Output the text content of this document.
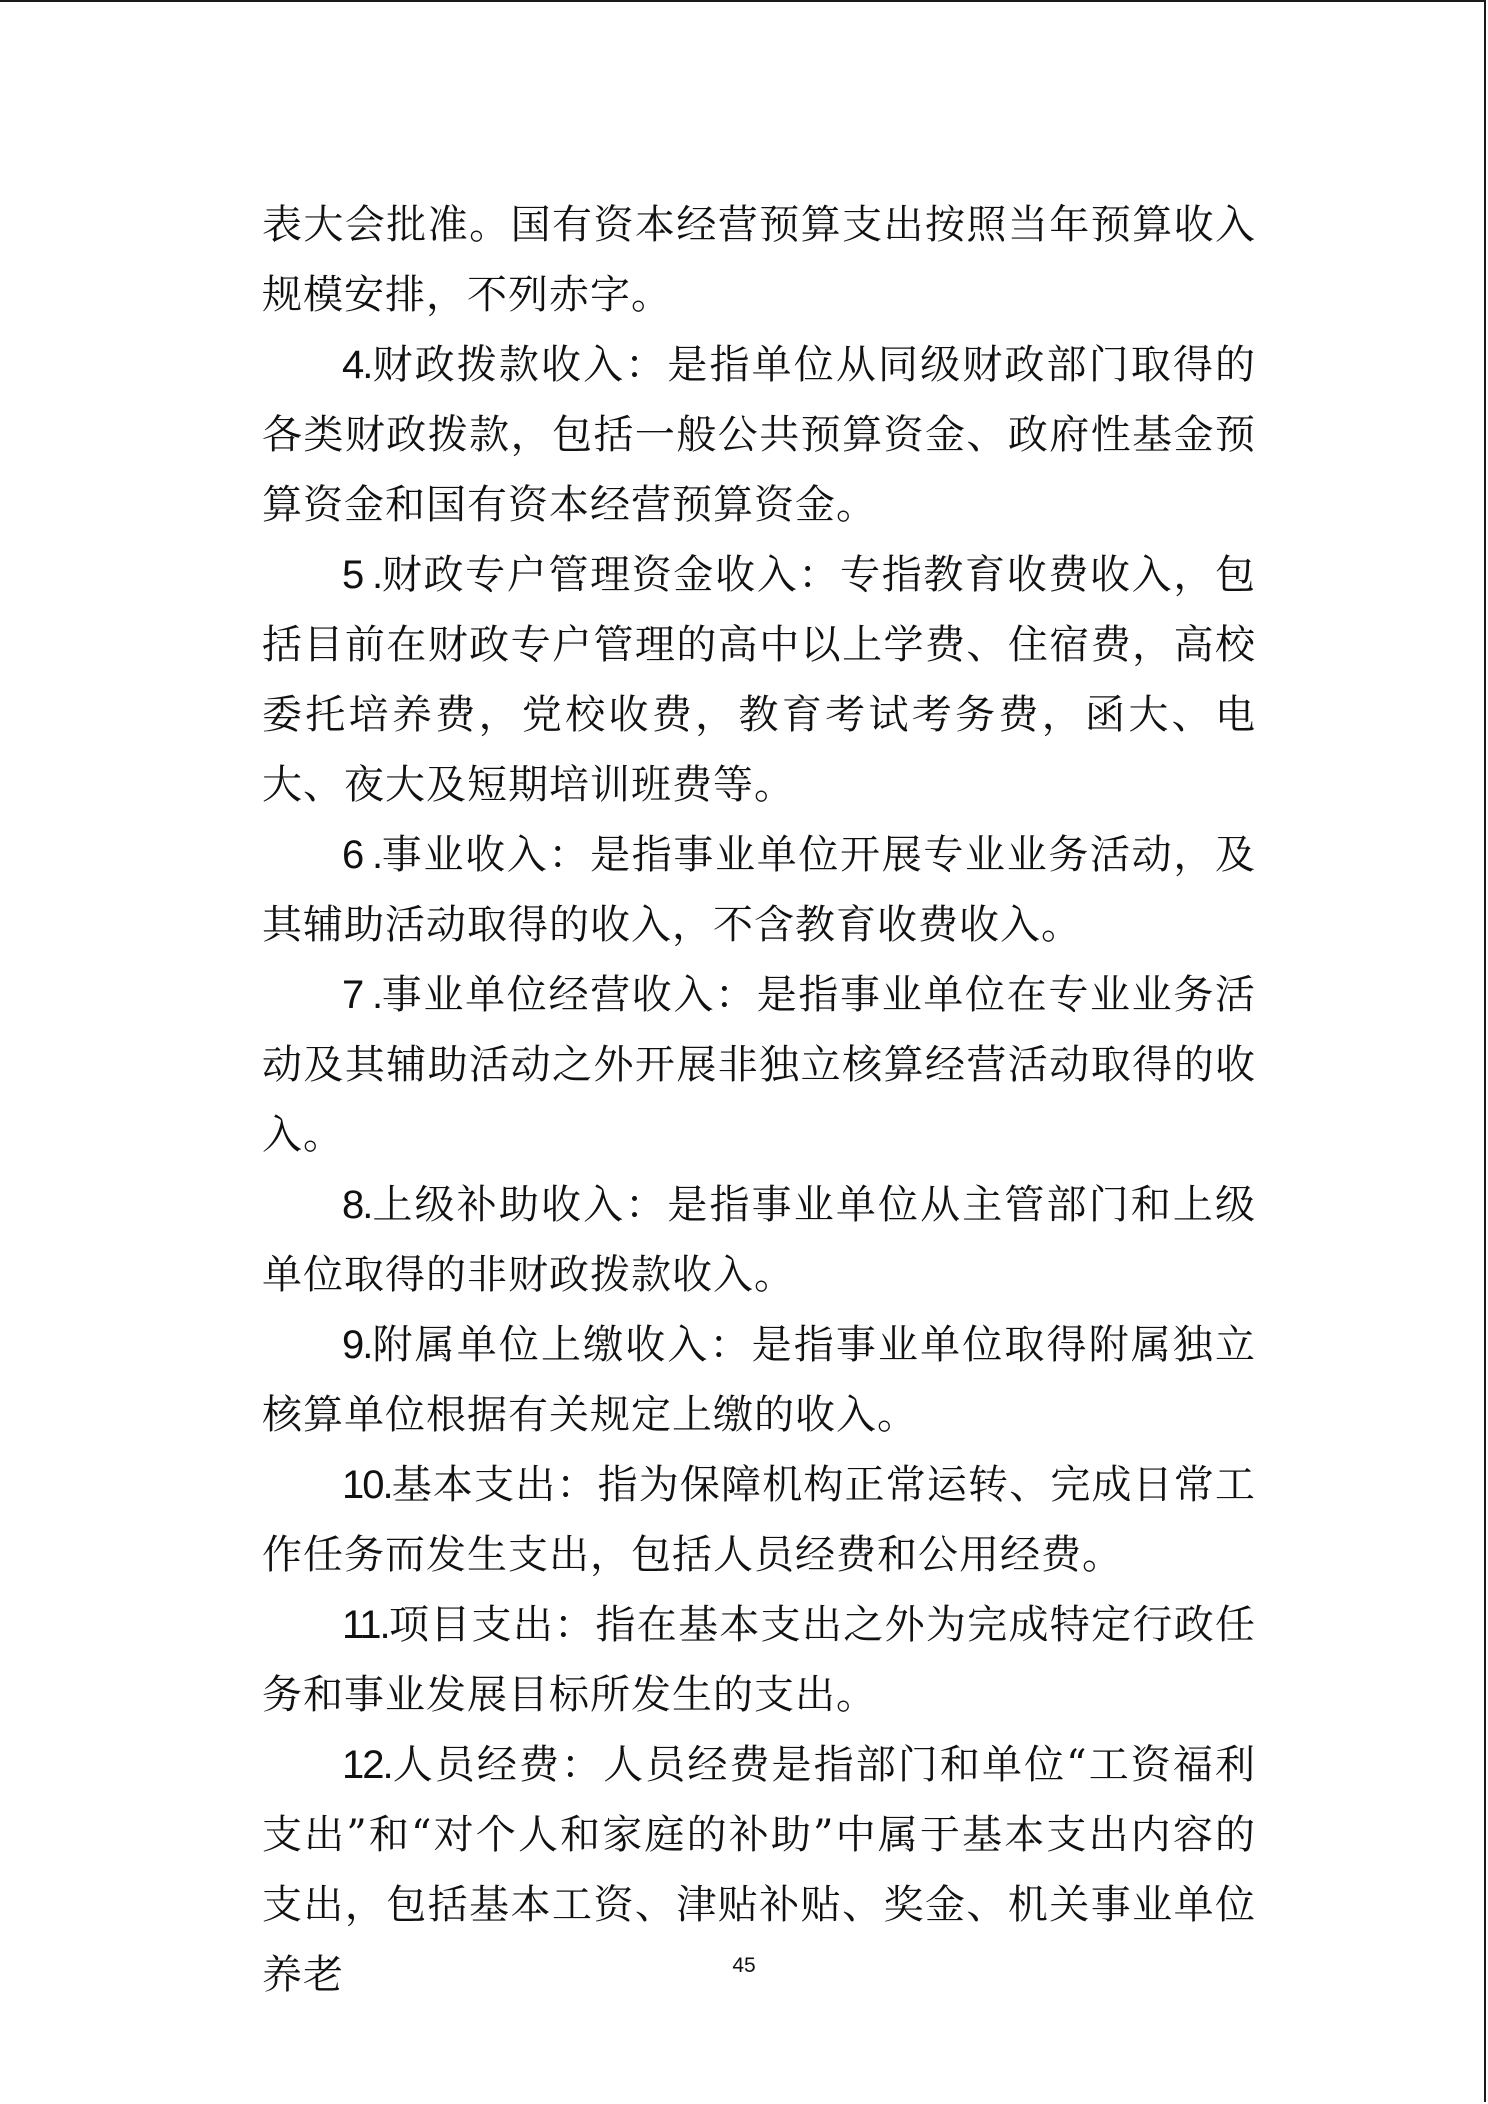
表大会批准。国有资本经营预算支出按照当年预算收入规模安排，不列赤字。

4.财政拨款收入：是指单位从同级财政部门取得的各类财政拨款，包括一般公共预算资金、政府性基金预算资金和国有资本经营预算资金。

5 .财政专户管理资金收入：专指教育收费收入，包括目前在财政专户管理的高中以上学费、住宿费，高校委托培养费，党校收费，教育考试考务费，函大、电大、夜大及短期培训班费等。

6 .事业收入：是指事业单位开展专业业务活动，及其辅助活动取得的收入，不含教育收费收入。

7 .事业单位经营收入：是指事业单位在专业业务活动及其辅助活动之外开展非独立核算经营活动取得的收入。

8.上级补助收入：是指事业单位从主管部门和上级单位取得的非财政拨款收入。

9.附属单位上缴收入：是指事业单位取得附属独立核算单位根据有关规定上缴的收入。

10.基本支出：指为保障机构正常运转、完成日常工作任务而发生支出，包括人员经费和公用经费。

11.项目支出：指在基本支出之外为完成特定行政任务和事业发展目标所发生的支出。

12.人员经费：人员经费是指部门和单位“工资福利支出”和“对个人和家庭的补助”中属于基本支出内容的支出，包括基本工资、津贴补贴、奖金、机关事业单位养老	45
